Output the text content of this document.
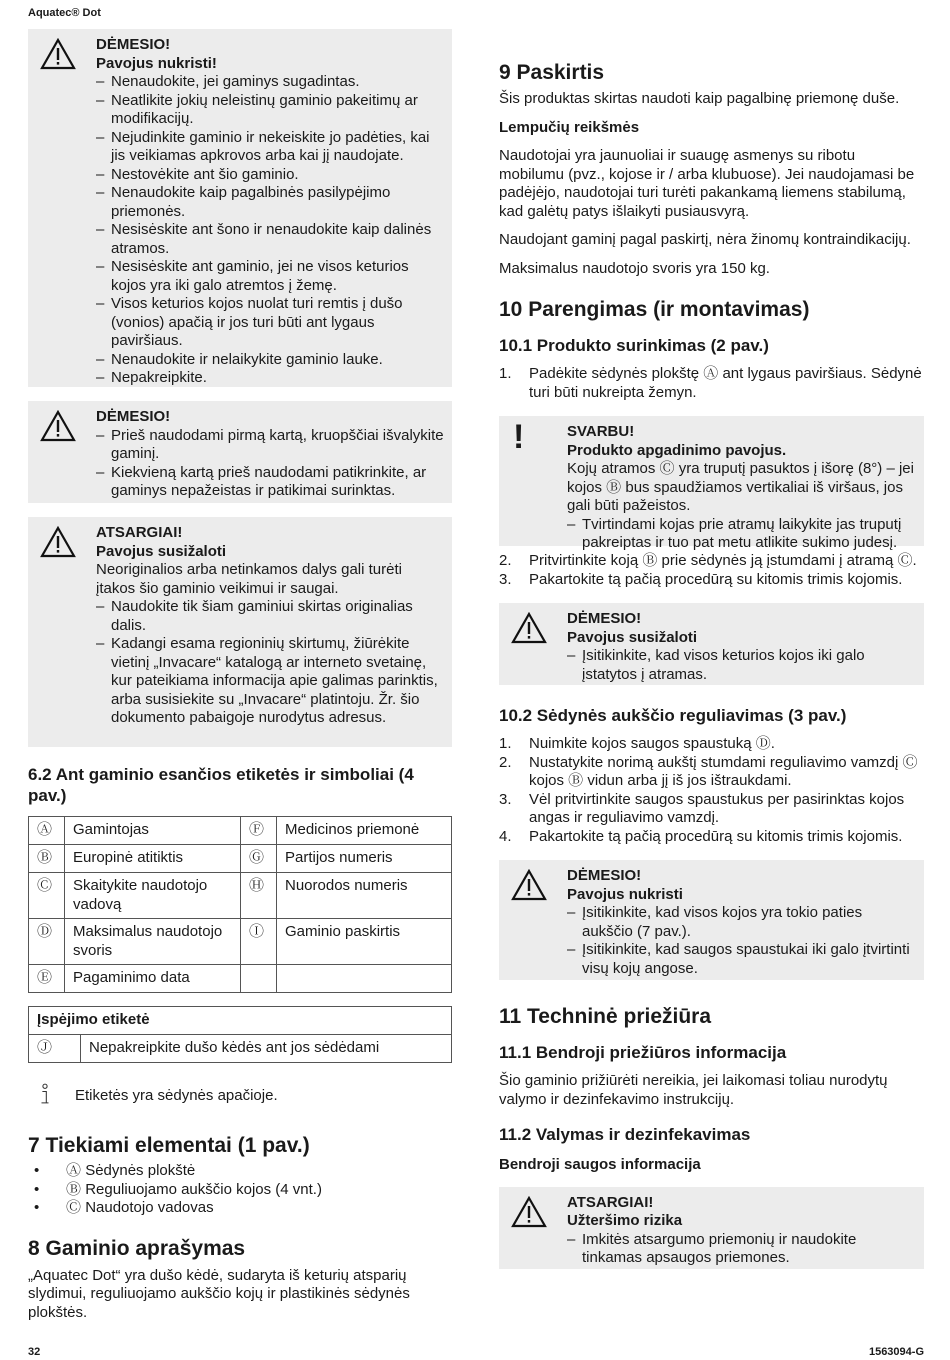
Aquatec® Dot
DĖMESIO!
Pavojus nukristi!
– Nenaudokite, jei gaminys sugadintas.
– Neatlikite jokių neleistinų gaminio pakeitimų ar modifikacijų.
– Nejudinkite gaminio ir nekeiskite jo padėties, kai jis veikiamas apkrovos arba kai jį naudojate.
– Nestovėkite ant šio gaminio.
– Nenaudokite kaip pagalbinės pasilypėjimo priemonės.
– Nesisėskite ant šono ir nenaudokite kaip dalinės atramos.
– Nesisėskite ant gaminio, jei ne visos keturios kojos yra iki galo atremtos į žemę.
– Visos keturios kojos nuolat turi remtis į dušo (vonios) apačią ir jos turi būti ant lygaus paviršiaus.
– Nenaudokite ir nelaikykite gaminio lauke.
– Nepakreipkite.
DĖMESIO!
– Prieš naudodami pirmą kartą, kruopščiai išvalykite gaminį.
– Kiekvieną kartą prieš naudodami patikrinkite, ar gaminys nepažeistas ir patikimai surinktas.
ATSARGIAI!
Pavojus susižaloti

Neoriginalios arba netinkamos dalys gali turėti įtakos šio gaminio veikimui ir saugai.

– Naudokite tik šiam gaminiui skirtas originalias dalis.
– Kadangi esama regioninių skirtumų, žiūrėkite vietinį „Invacare“ katalogą ar interneto svetainę, kur pateikiama informacija apie galimas parinktis, arba susisiekite su „Invacare“ platintoju. Žr. šio dokumento pabaigoje nurodytus adresus.
6.2 Ant gaminio esančios etiketės ir simboliai (4 pav.)
Ⓐ	Gamintojas	Ⓕ	Medicinos priemonė
Ⓑ	Europinė atitiktis	Ⓖ	Partijos numeris
Ⓒ	Skaitykite naudotojo vadovą	Ⓗ	Nuorodos numeris
Ⓓ	Maksimalus naudotojo svoris	Ⓘ	Gaminio paskirtis
Ⓔ	Pagaminimo data		
Įspėjimo etiketė
Ⓙ	Nepakreipkite dušo kėdės ant jos sėdėdami
Etiketės yra sėdynės apačioje.
7 Tiekiami elementai (1 pav.)
• Ⓐ Sėdynės plokštė
• Ⓑ Reguliuojamo aukščio kojos (4 vnt.)
• Ⓒ Naudotojo vadovas
8 Gaminio aprašymas

„Aquatec Dot“ yra dušo kėdė, sudaryta iš keturių atsparių slydimui, reguliuojamo aukščio kojų ir plastikinės sėdynės plokštės.

9 Paskirtis

Šis produktas skirtas naudoti kaip pagalbinę priemonę duše.

Lempučių reikšmės

Naudotojai yra jaunuoliai ir suaugę asmenys su ribotu mobilumu (pvz., kojose ir / arba klubuose). Jei naudojamasi be padėjėjo, naudotojai turi turėti pakankamą liemens stabilumą, kad galėtų patys išlaikyti pusiausvyrą.

Naudojant gaminį pagal paskirtį, nėra žinomų kontraindikacijų.

Maksimalus naudotojo svoris yra 150 kg.

10 Parengimas (ir montavimas)
10.1 Produkto surinkimas (2 pav.)
1. Padėkite sėdynės plokštę Ⓐ ant lygaus paviršiaus. Sėdynė turi būti nukreipta žemyn.
!	SVARBU!
Produkto apgadinimo pavojus.

Kojų atramos Ⓒ yra truputį pasuktos į išorę (8°) – jei kojos Ⓑ bus spaudžiamos vertikaliai iš viršaus, jos gali būti pažeistos.

– Tvirtindami kojas prie atramų laikykite jas truputį pakreiptas ir tuo pat metu atlikite sukimo judesį.
2. Pritvirtinkite koją Ⓑ prie sėdynės ją įstumdami į atramą Ⓒ.
3. Pakartokite tą pačią procedūrą su kitomis trimis kojomis.
DĖMESIO!
Pavojus susižaloti
– Įsitikinkite, kad visos keturios kojos iki galo įstatytos į atramas.
10.2 Sėdynės aukščio reguliavimas (3 pav.)
1. Nuimkite kojos saugos spaustuką Ⓓ.
2. Nustatykite norimą aukštį stumdami reguliavimo vamzdį Ⓒ kojos Ⓑ vidun arba jį iš jos ištraukdami.
3. Vėl pritvirtinkite saugos spaustukus per pasirinktas kojos angas ir reguliavimo vamzdį.
4. Pakartokite tą pačią procedūrą su kitomis trimis kojomis.
DĖMESIO!
Pavojus nukristi
– Įsitikinkite, kad visos kojos yra tokio paties aukščio (7 pav.).
– Įsitikinkite, kad saugos spaustukai iki galo įtvirtinti visų kojų angose.
11 Techninė priežiūra
11.1 Bendroji priežiūros informacija

Šio gaminio prižiūrėti nereikia, jei laikomasi toliau nurodytų valymo ir dezinfekavimo instrukcijų.

11.2 Valymas ir dezinfekavimas
Bendroji saugos informacija
ATSARGIAI!
Užteršimo rizika
– Imkitės atsargumo priemonių ir naudokite tinkamas apsaugos priemones.
32	1563094-G
